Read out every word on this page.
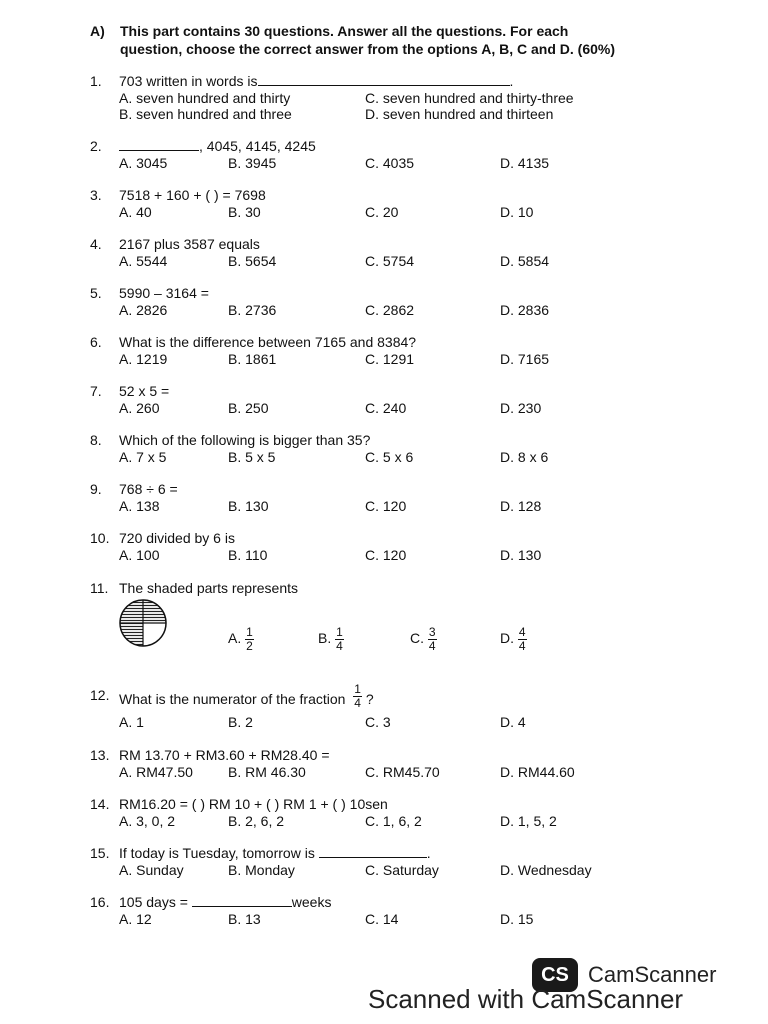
A) This part contains 30 questions. Answer all the questions. For each
question, choose the correct answer from the options A, B, C and D. (60%)
1. 703 written in words is	.
A. seven hundred and thirty	C. seven hundred and thirty-three
B. seven hundred and three	D. seven hundred and thirteen
2.	, 4045, 4145, 4245
A. 3045	B. 3945	C. 4035	D. 4135
3. 7518 + 160 + ( ) = 7698
A. 40	B. 30	C. 20	D. 10
4. 2167 plus 3587 equals
A. 5544	B. 5654	C. 5754	D. 5854
5. 5990 – 3164 =
A. 2826	B. 2736	C. 2862	D. 2836
6. What is the difference between 7165 and 8384?
A. 1219	B. 1861	C. 1291	D. 7165
7. 52 x 5 =
A. 260	B. 250	C. 240	D. 230
8. Which of the following is bigger than 35?
A. 7 x 5	B. 5 x 5	C. 5 x 6	D. 8 x 6
9. 768 ÷ 6 =
A. 138	B. 130	C. 120	D. 128
10. 720 divided by 6 is
A. 100	B. 110	C. 120	D. 130
11. The shaded parts represents
A. $\frac{1}{2}$	B. $\frac{1}{4}$	C. $\frac{3}{4}$	D. $\frac{4}{4}$
12. What is the numerator of the fraction $\frac{1}{4}$ ?
A. 1	B. 2	C. 3	D. 4
13. RM 13.70 + RM3.60 + RM28.40 =
A. RM47.50	B. RM 46.30	C. RM45.70	D. RM44.60
14. RM16.20 = ( ) RM 10 + ( ) RM 1 + ( ) 10sen
A. 3, 0, 2	B. 2, 6, 2	C. 1, 6, 2	D. 1, 5, 2
15. If today is Tuesday, tomorrow is	.
A. Sunday	B. Monday	C. Saturday	D. Wednesday
16. 105 days =	weeks
A. 12	B. 13	C. 14	D. 15
CS CamScanner
Scanned with CamScanner
